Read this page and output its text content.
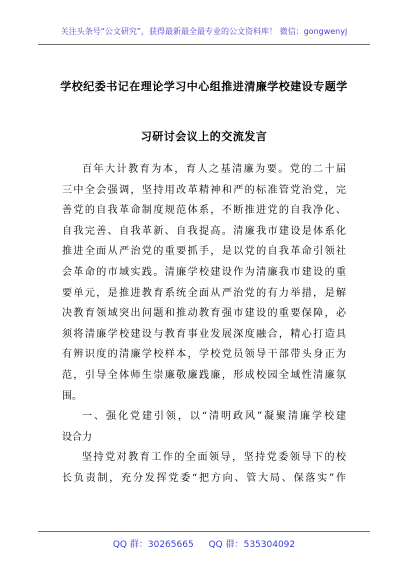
关注头条号“公文研究”，获得最新最全最专业的公文资料库！ 微信：gongwenyj
学校纪委书记在理论学习中心组推进清廉学校建设专题学
习研讨会议上的交流发言
百年大计教育为本，育人之基清廉为要。党的二十届
三中全会强调，坚持用改革精神和严的标准管党治党，完
善党的自我革命制度规范体系，不断推进党的自我净化、
自我完善、自我革新、自我提高。清廉我市建设是体系化
推进全面从严治党的重要抓手，是以党的自我革命引领社
会革命的市域实践。清廉学校建设作为清廉我市建设的重
要单元，是推进教育系统全面从严治党的有力举措，是解
决教育领域突出问题和推动教育强市建设的重要保障，必
须将清廉学校建设与教育事业发展深度融合，精心打造具
有辨识度的清廉学校样本，学校党员领导干部带头身正为
范，引导全体师生崇廉敬廉践廉，形成校园全域性清廉氛
围。
一、强化党建引领，以“清明政风”凝聚清廉学校建
设合力
坚持党对教育工作的全面领导，坚持党委领导下的校
长负责制，充分发挥党委“把方向、管大局、保落实”作
QQ 群：30265665 QQ 群：535304092
